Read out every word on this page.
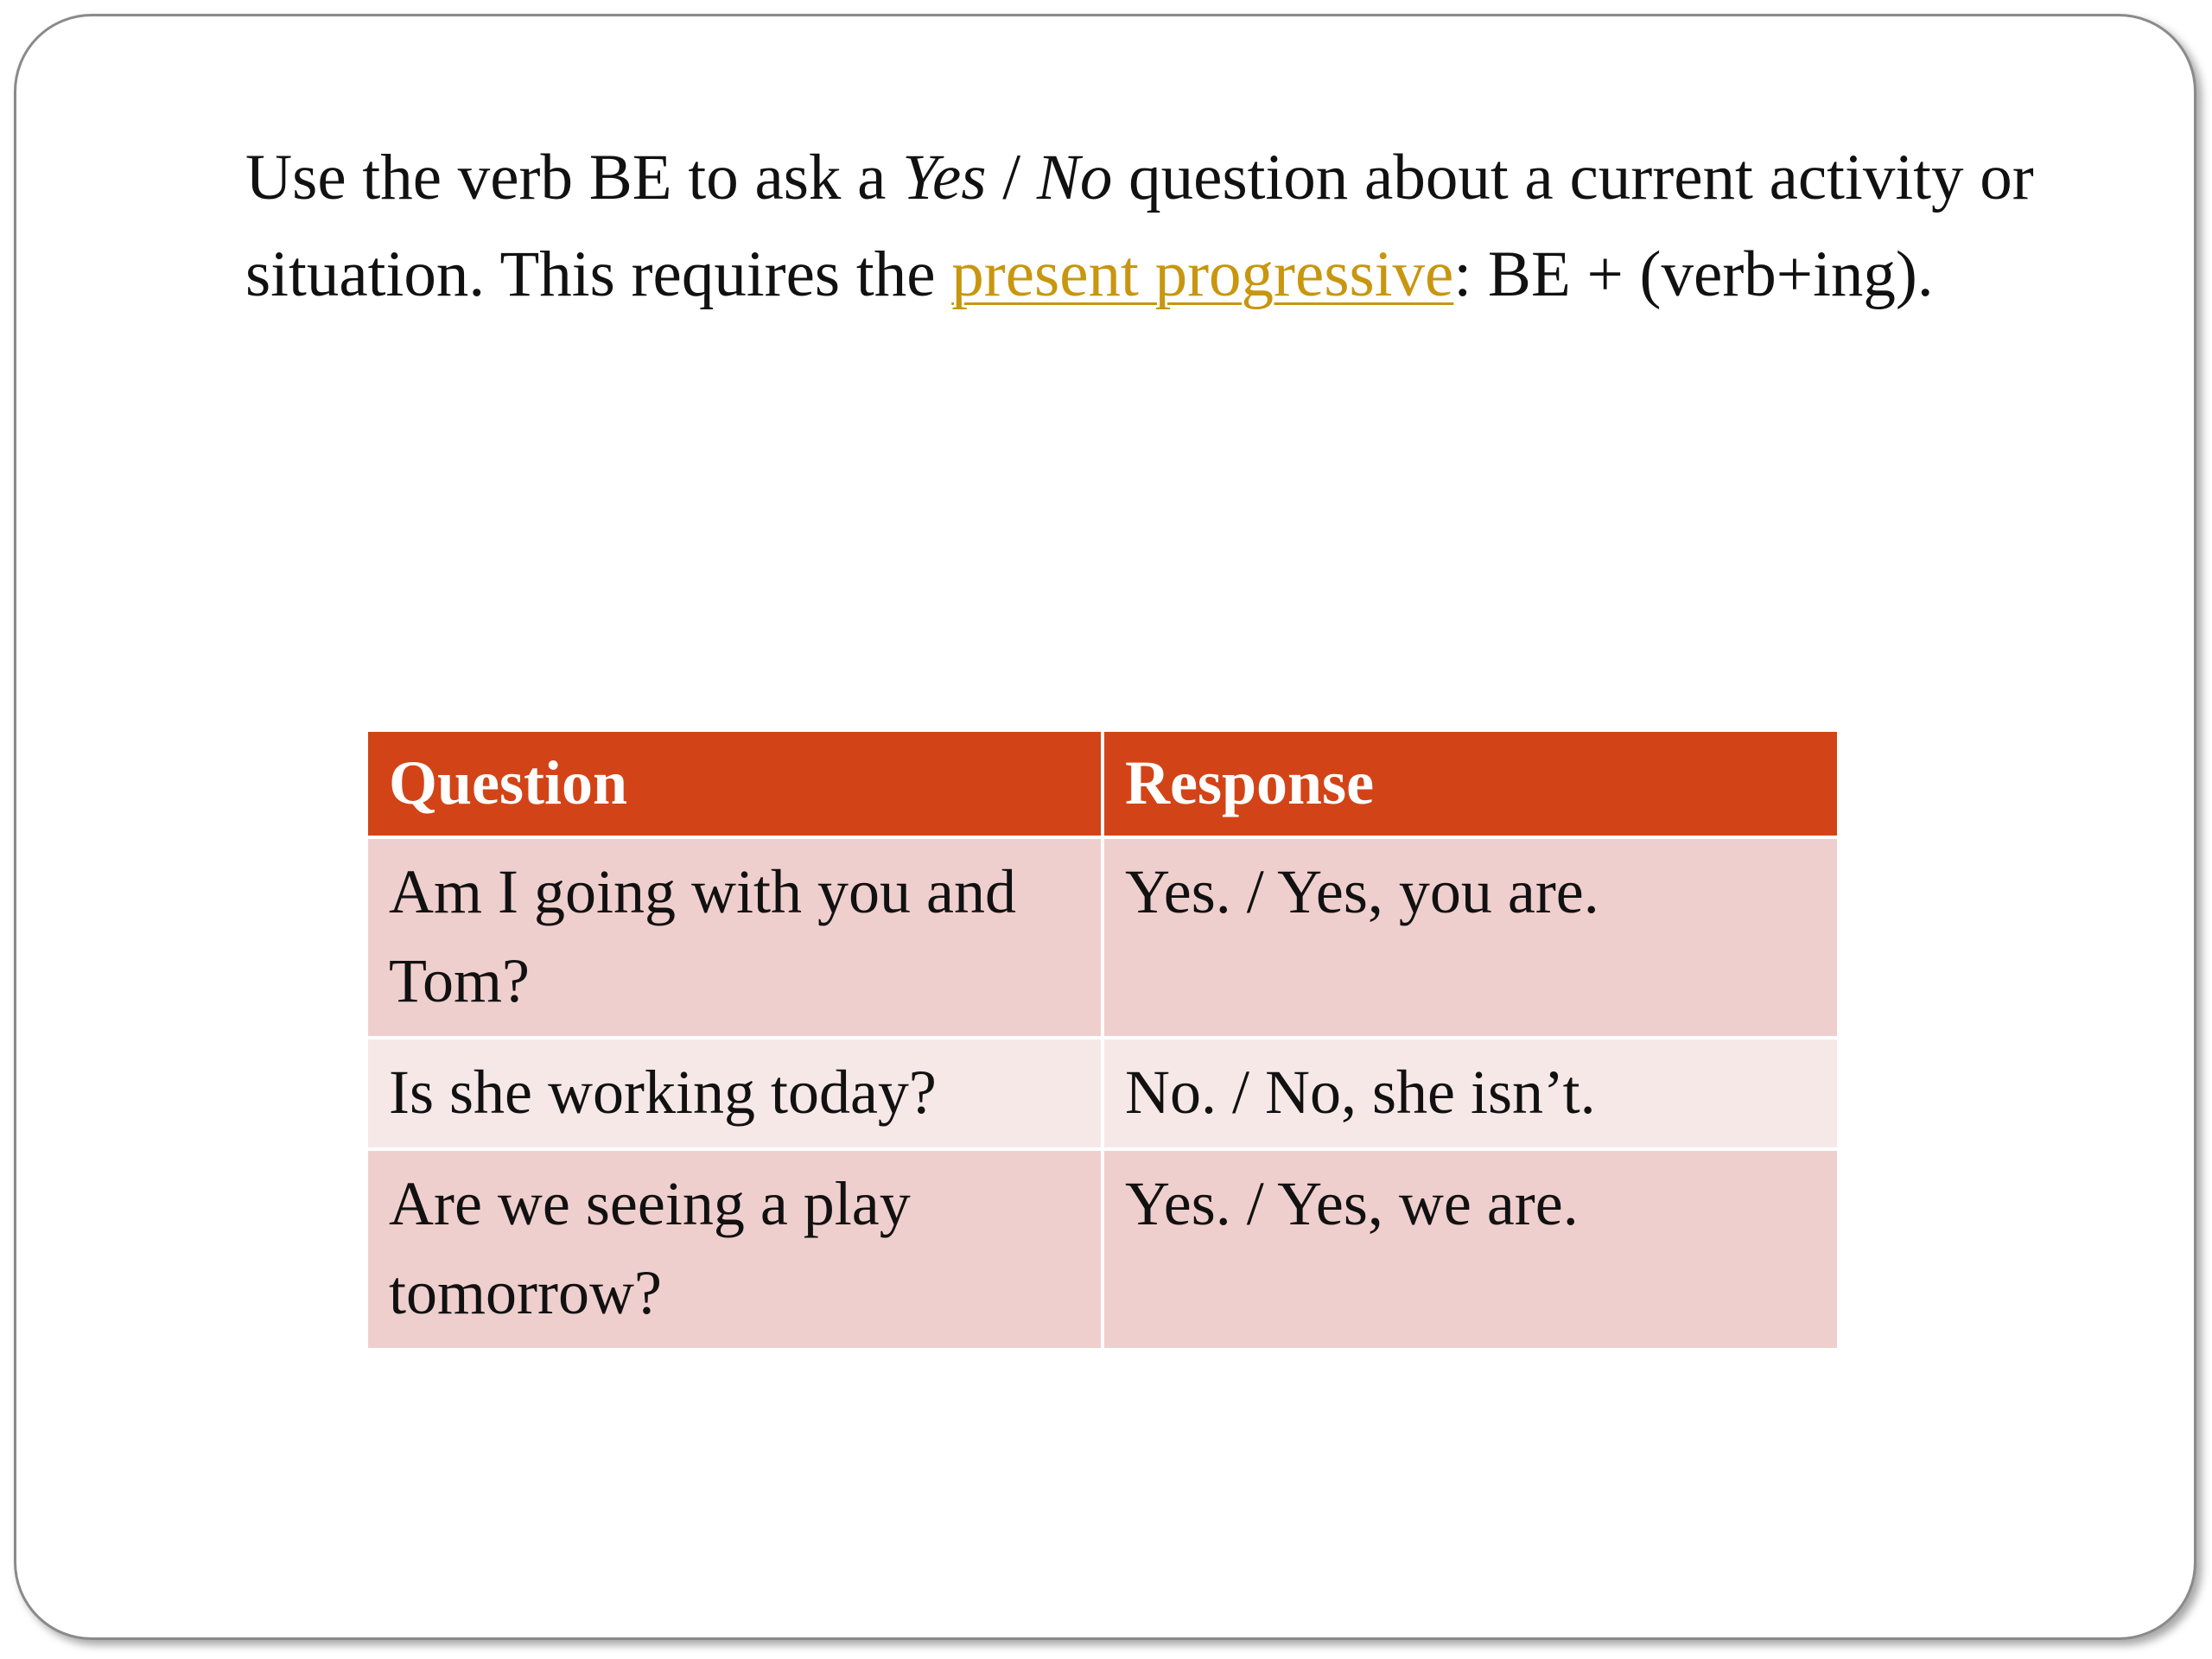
Use the verb BE to ask a Yes / No question about a current activity or situation. This requires the present progressive: BE + (verb+ing).

Question	Response
Am I going with you and Tom?	Yes. / Yes, you are.
Is she working today?	No. / No, she isn’t.
Are we seeing a play tomorrow?	Yes. / Yes, we are.
